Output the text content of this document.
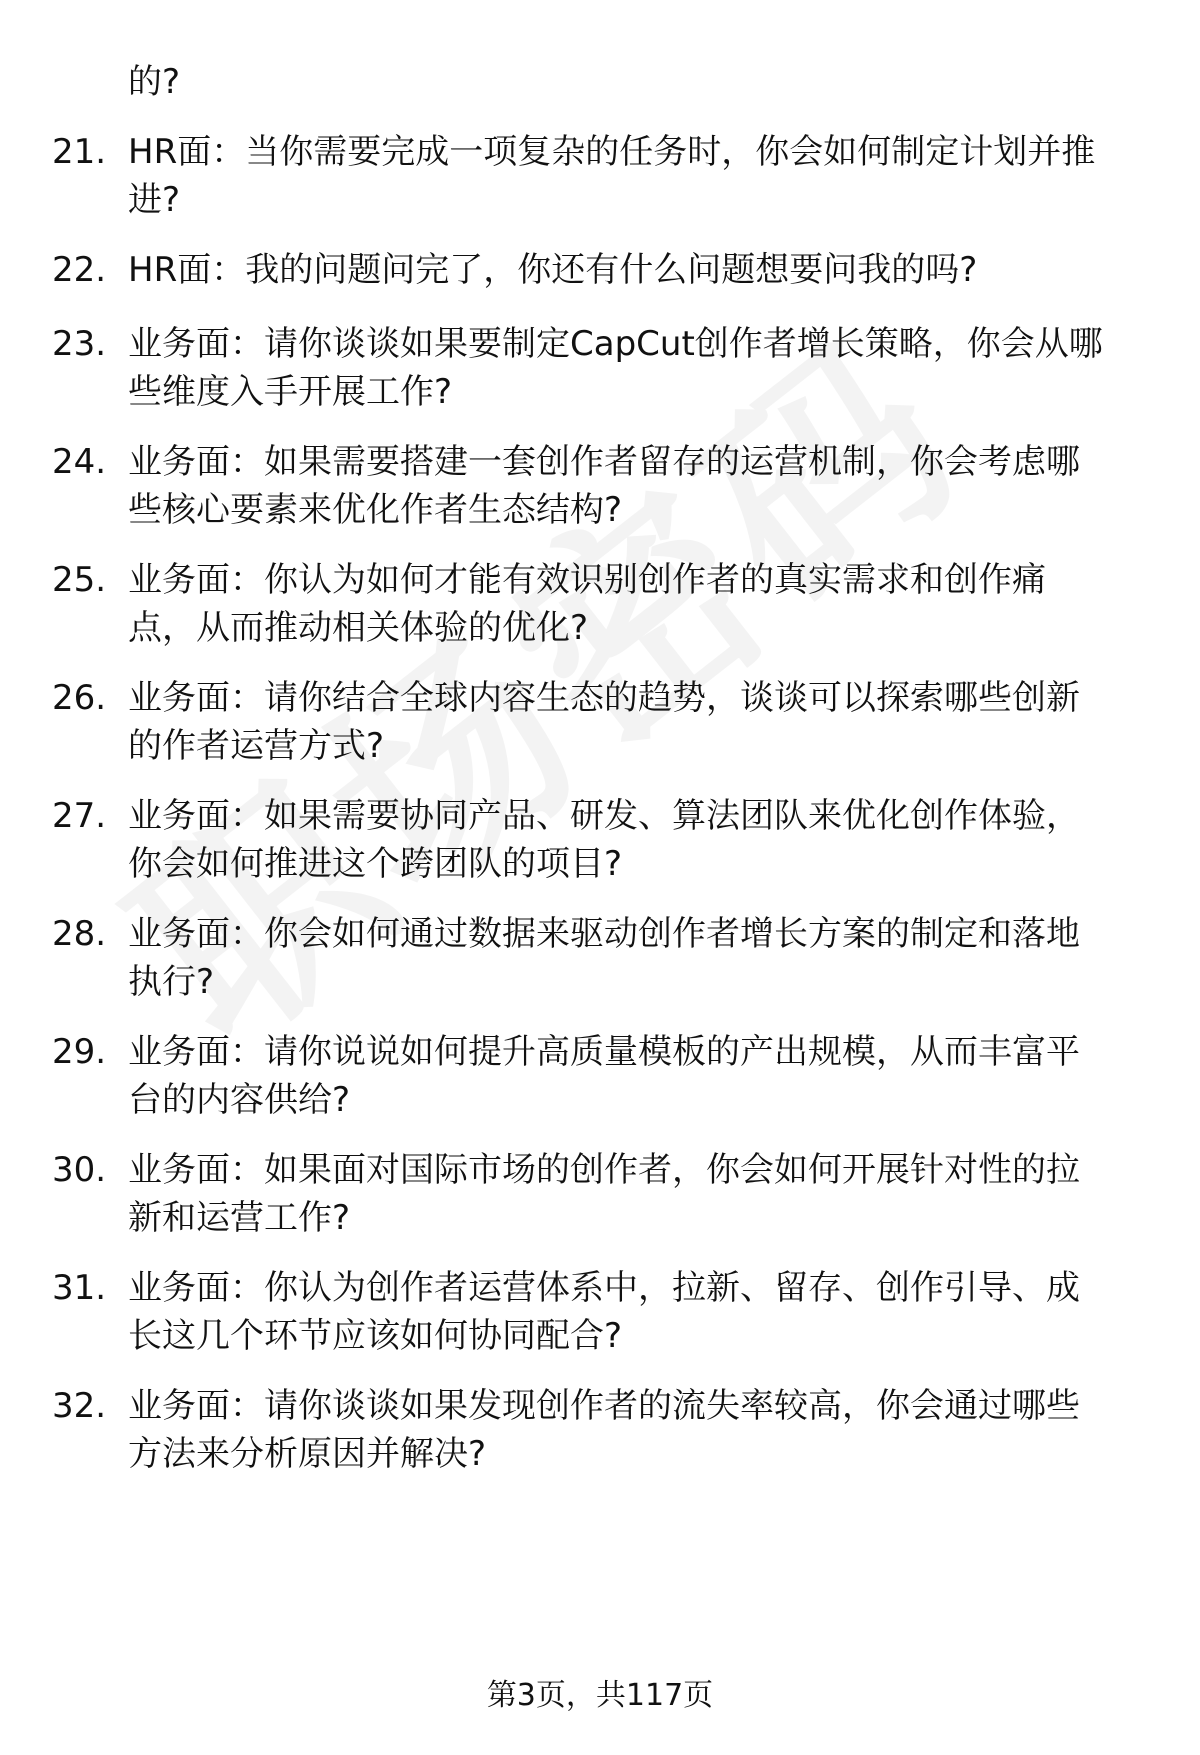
的?
21. HR面：当你需要完成一项复杂的任务时，你会如何制定计划并推
进?
22. HR面：我的问题问完了，你还有什么问题想要问我的吗?
23. 业务面：请你谈谈如果要制定CapCut创作者增长策略，你会从哪
些维度入手开展工作?
24. 业务面：如果需要搭建一套创作者留存的运营机制，你会考虑哪
些核心要素来优化作者生态结构?
25. 业务面：你认为如何才能有效识别创作者的真实需求和创作痛
点，从而推动相关体验的优化?
26. 业务面：请你结合全球内容生态的趋势，谈谈可以探索哪些创新
的作者运营方式?
27. 业务面：如果需要协同产品、研发、算法团队来优化创作体验，
你会如何推进这个跨团队的项目?
28. 业务面：你会如何通过数据来驱动创作者增长方案的制定和落地
执行?
29. 业务面：请你说说如何提升高质量模板的产出规模，从而丰富平
台的内容供给?
30. 业务面：如果面对国际市场的创作者，你会如何开展针对性的拉
新和运营工作?
31. 业务面：你认为创作者运营体系中，拉新、留存、创作引导、成
长这几个环节应该如何协同配合?
32. 业务面：请你谈谈如果发现创作者的流失率较高，你会通过哪些
方法来分析原因并解决?
第3页，共117页
